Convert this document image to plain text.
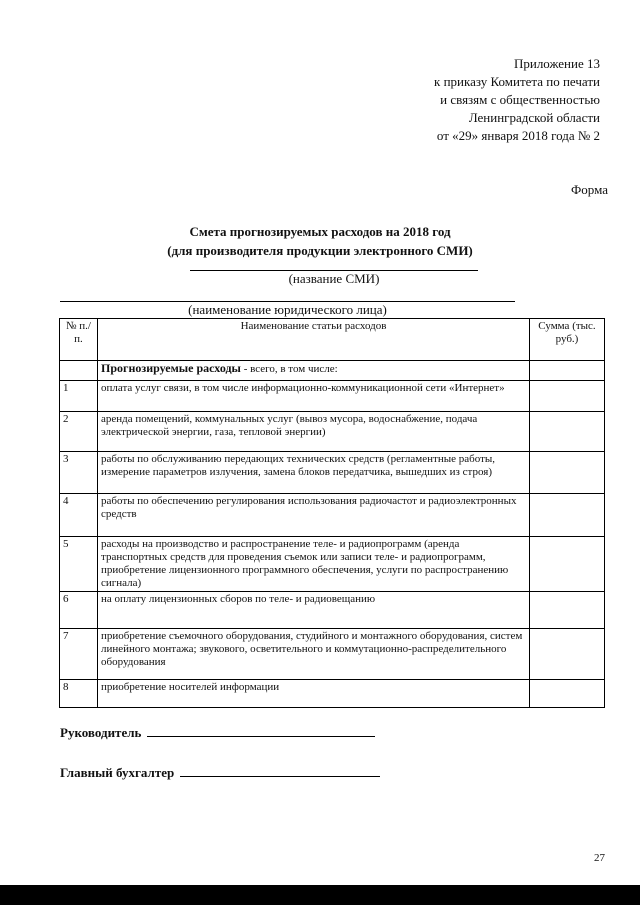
Приложение 13
к приказу Комитета по печати
и связям с общественностью
Ленинградской области
от «29» января 2018 года № 2
Форма
Смета прогнозируемых расходов на 2018 год
(для производителя продукции электронного СМИ)
(название СМИ)
(наименование юридического лица)
№ п./п.	Наименование статьи расходов	Сумма (тыс. руб.)
	Прогнозируемые расходы - всего, в том числе:	
1	оплата услуг связи, в том числе информационно-коммуникационной сети «Интернет»	
2	аренда помещений, коммунальных услуг (вывоз мусора, водоснабжение, подача электрической энергии, газа, тепловой энергии)	
3	работы по обслуживанию передающих технических средств (регламентные работы, измерение параметров излучения, замена блоков передатчика, вышедших из строя)	
4	работы по обеспечению регулирования использования радиочастот и радиоэлектронных средств	
5	расходы на производство и распространение теле- и радиопрограмм (аренда транспортных средств для проведения съемок или записи теле- и радиопрограмм, приобретение лицензионного программного обеспечения, услуги по распространению сигнала)	
6	на оплату лицензионных сборов по теле- и радиовещанию	
7	приобретение съемочного оборудования, студийного и монтажного оборудования, систем линейного монтажа; звукового, осветительного и коммутационно-распределительного оборудования	
8	приобретение носителей информации	
Руководитель
Главный бухгалтер
27
